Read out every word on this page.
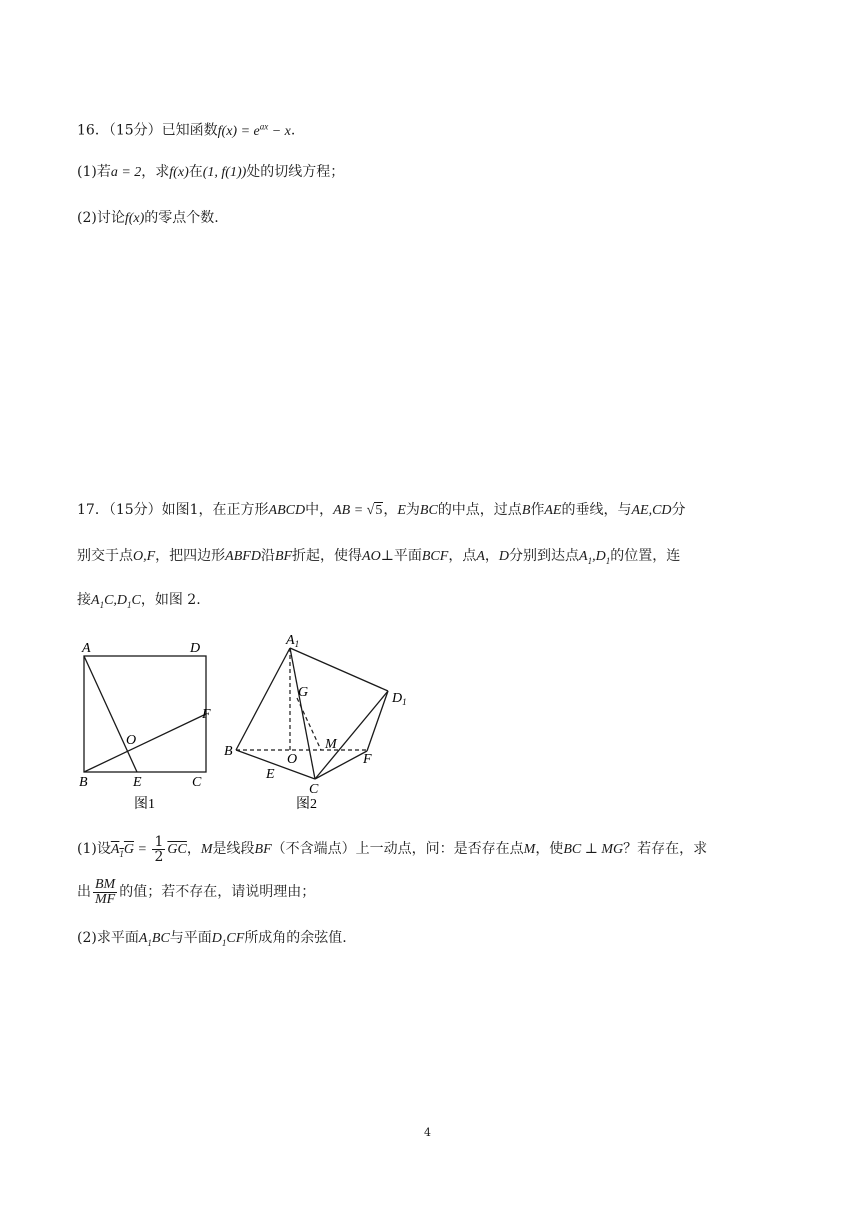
16．（15分）已知函数$f(x) = e^{ax} - x$.
(1)若a = 2，求f(x)在(1, f(1))处的切线方程；
(2)讨论f(x)的零点个数.
17．（15分）如图1，在正方形ABCD中，AB = √5，E为BC的中点，过点B作AE的垂线，与AE,CD分
别交于点O,F，把四边形ABFD沿BF折起，使得AO⊥平面BCF，点A，D分别到达点$A_1,D_1$的位置，连
接$A_1C,D_1C$，如图 2.
A	D
F
O
B	E	C
图1
$A_1$
G	$D_1$
B	M
O	F
E
C
图2
(1)设$A_1G = \frac{1}{2} \overline{GC}$，M是线段BF（不含端点）上一动点，问：是否存在点M，使BC ⊥ MG？若存在，求
出 $\frac{BM}{MF}$ 的值；若不存在，请说明理由；
(2)求平面$A_1BC$与平面$D_1CF$所成角的余弦值.
4
